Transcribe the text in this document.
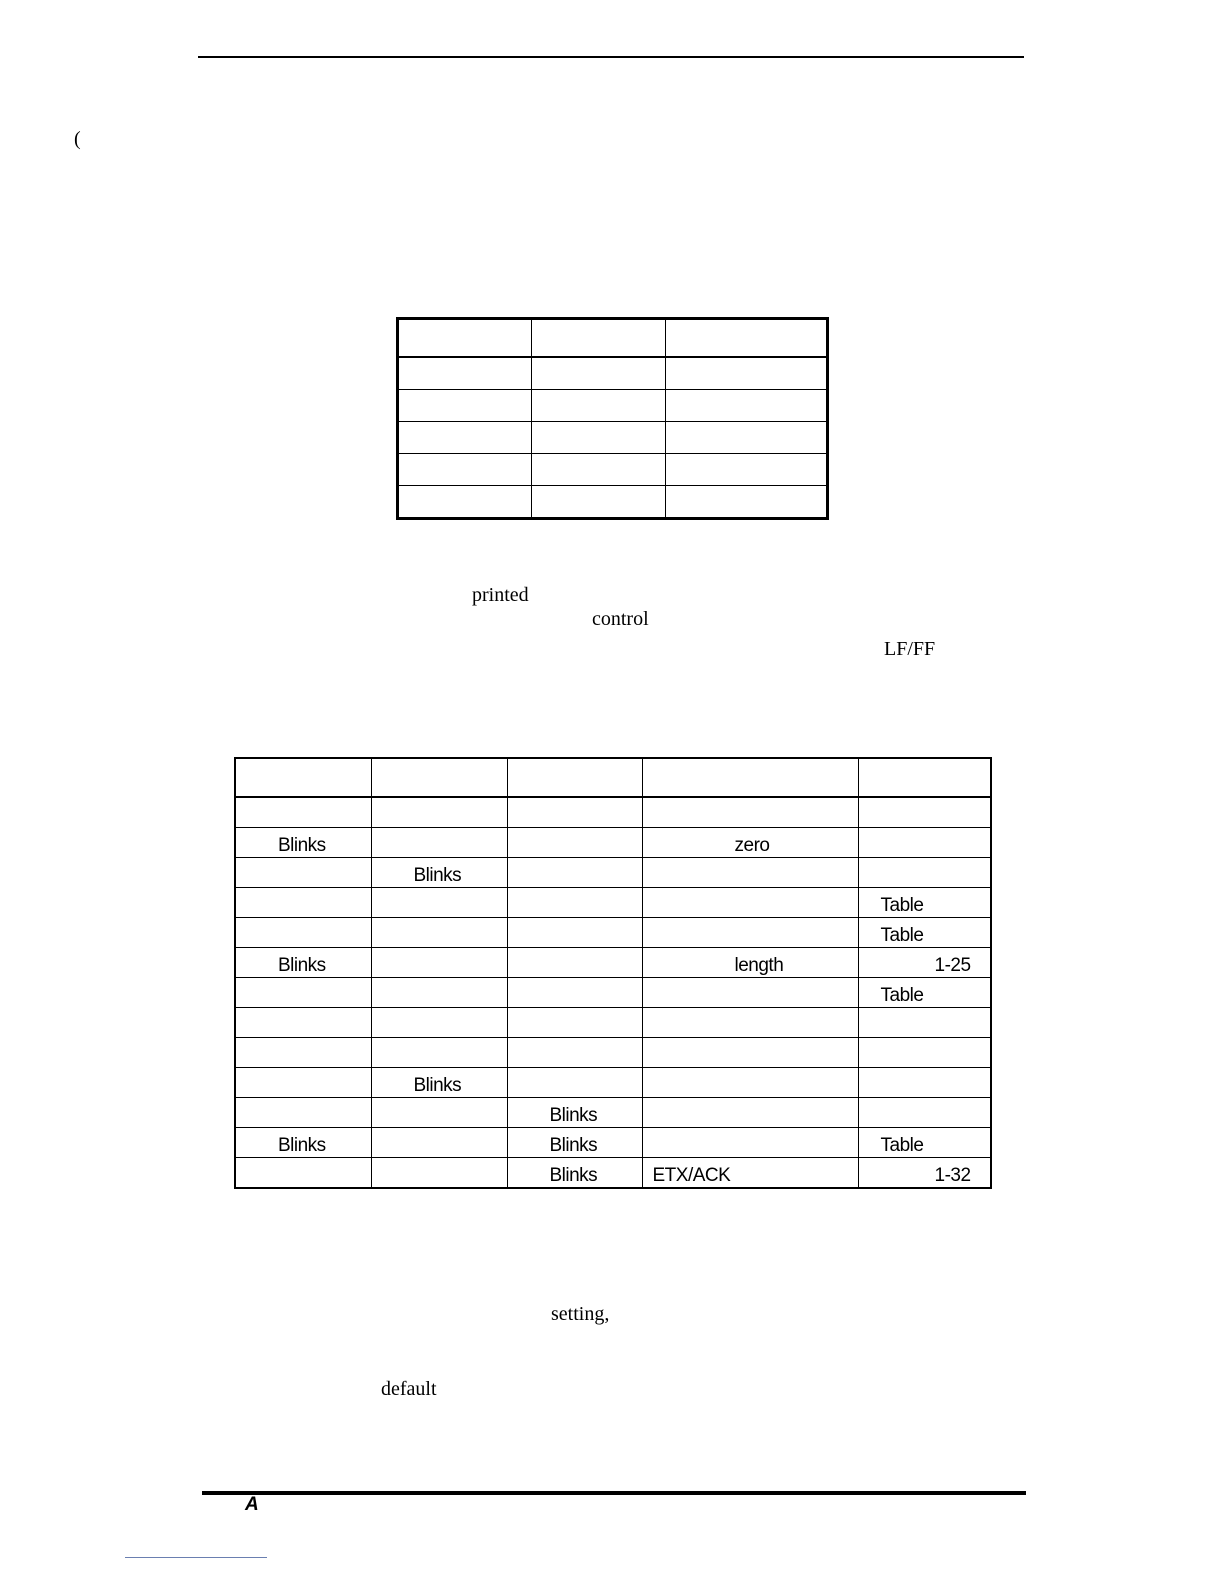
(

printed
control
LF/FF

Blinks			zero	
	Blinks			
				Table
				Table
Blinks			length	1-25
				Table

	Blinks			
		Blinks		
Blinks		Blinks		Table
		Blinks	ETX/ACK	1-32
setting,
default
A
